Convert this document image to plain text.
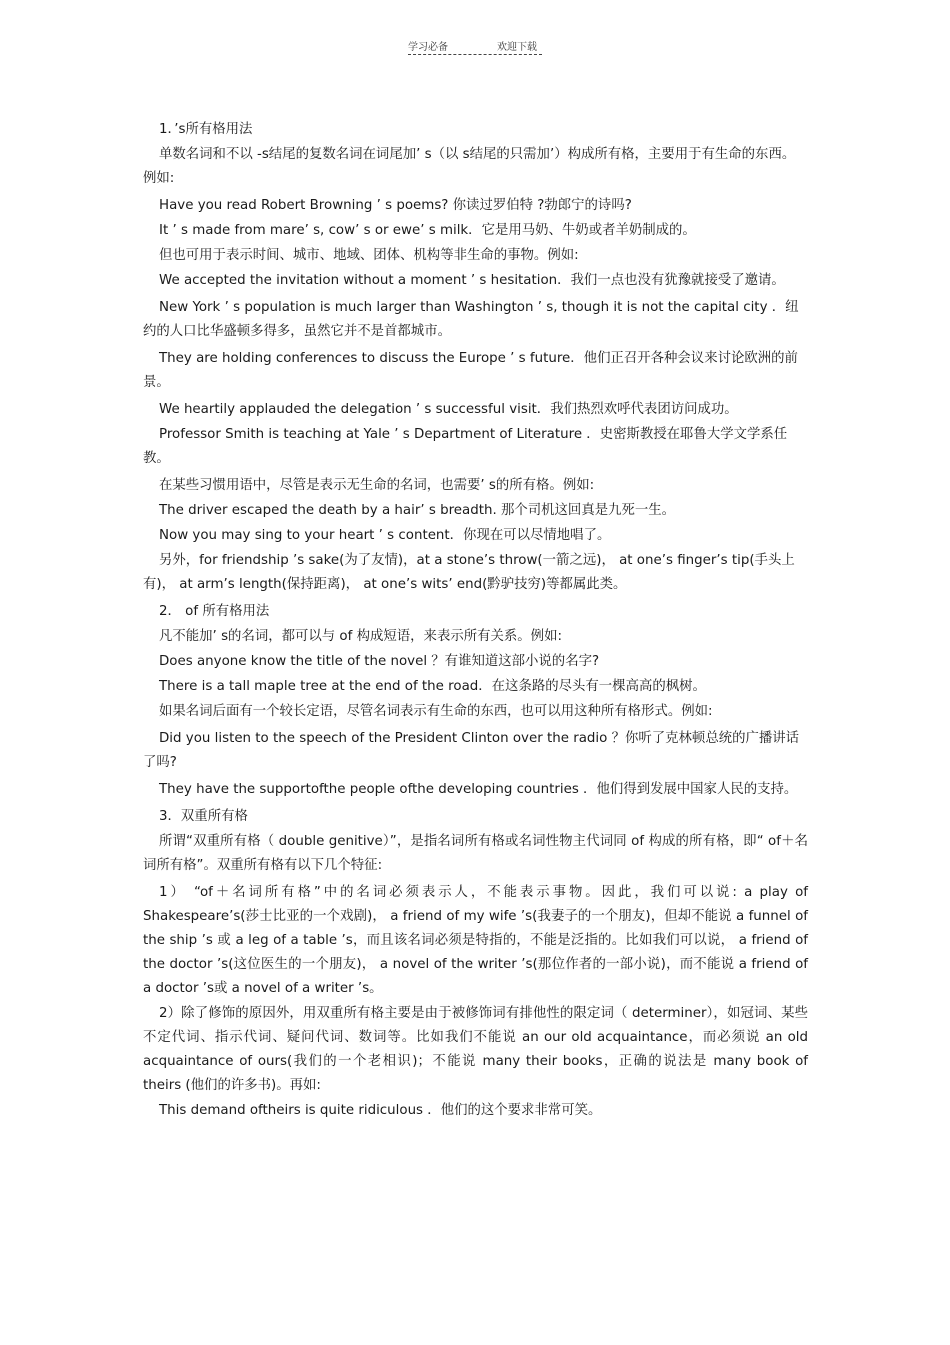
学习必备	欢迎下载

1．’s所有格用法

单数名词和不以 -s结尾的复数名词在词尾加’ s（以 s结尾的只需加’）构成所有格，主要用于有生命的东西。例如:

Have you read Robert Browning ’ s poems? 你读过罗伯特 ?勃郎宁的诗吗?

It ’ s made from mare’ s, cow’ s or ewe’ s milk．它是用马奶、牛奶或者羊奶制成的。

但也可用于表示时间、城市、地域、团体、机构等非生命的事物。例如:

We accepted the invitation without a moment ’ s hesitation．我们一点也没有犹豫就接受了邀请。

New York ’ s population is much larger than Washington ’ s, though it is not the capital city ．纽约的人口比华盛顿多得多，虽然它并不是首都城市。

They are holding conferences to discuss the Europe ’ s future．他们正召开各种会议来讨论欧洲的前景。

We heartily applauded the delegation ’ s successful visit．我们热烈欢呼代表团访问成功。

Professor Smith is teaching at Yale ’ s Department of Literature ．史密斯教授在耶鲁大学文学系任教。

在某些习惯用语中，尽管是表示无生命的名词，也需要’ s的所有格。例如:

The driver escaped the death by a hair’ s breadth. 那个司机这回真是九死一生。

Now you may sing to your heart ’ s content．你现在可以尽情地唱了。

另外，for friendship ’s sake(为了友情)，at a stone’s throw(一箭之远)， at one’s finger’s tip(手头上有)， at arm’s length(保持距离)， at one’s wits’ end(黔驴技穷)等都属此类。

2． of 所有格用法

凡不能加’ s的名词，都可以与 of 构成短语，来表示所有关系。例如:

Does anyone know the title of the novel ？有谁知道这部小说的名字?

There is a tall maple tree at the end of the road．在这条路的尽头有一棵高高的枫树。

如果名词后面有一个较长定语，尽管名词表示有生命的东西，也可以用这种所有格形式。例如:

Did you listen to the speech of the President Clinton over the radio ？你听了克林顿总统的广播讲话了吗?

They have the supportofthe people ofthe developing countries ．他们得到发展中国家人民的支持。

3．双重所有格

所谓“双重所有格（ double genitive）”，是指名词所有格或名词性物主代词同 of 构成的所有格，即“ of＋名词所有格”。双重所有格有以下几个特征:

1） “of＋名词所有格”中的名词必须表示人，不能表示事物。因此，我们可以说: a play of Shakespeare’s(莎士比亚的一个戏剧)， a friend of my wife ’s(我妻子的一个朋友)，但却不能说 a funnel of the ship ’s 或 a leg of a table ’s，而且该名词必须是特指的，不能是泛指的。比如我们可以说， a friend of the doctor ’s(这位医生的一个朋友)， a novel of the writer ’s(那位作者的一部小说)，而不能说 a friend of a doctor ’s或 a novel of a writer ’s。

2）除了修饰的原因外，用双重所有格主要是由于被修饰词有排他性的限定词（ determiner），如冠词、某些不定代词、指示代词、疑问代词、数词等。比如我们不能说 an our old acquaintance，而必须说 an old acquaintance of ours(我们的一个老相识)；不能说 many their books，正确的说法是 many book of theirs (他们的许多书)。再如:

This demand oftheirs is quite ridiculous ．他们的这个要求非常可笑。
